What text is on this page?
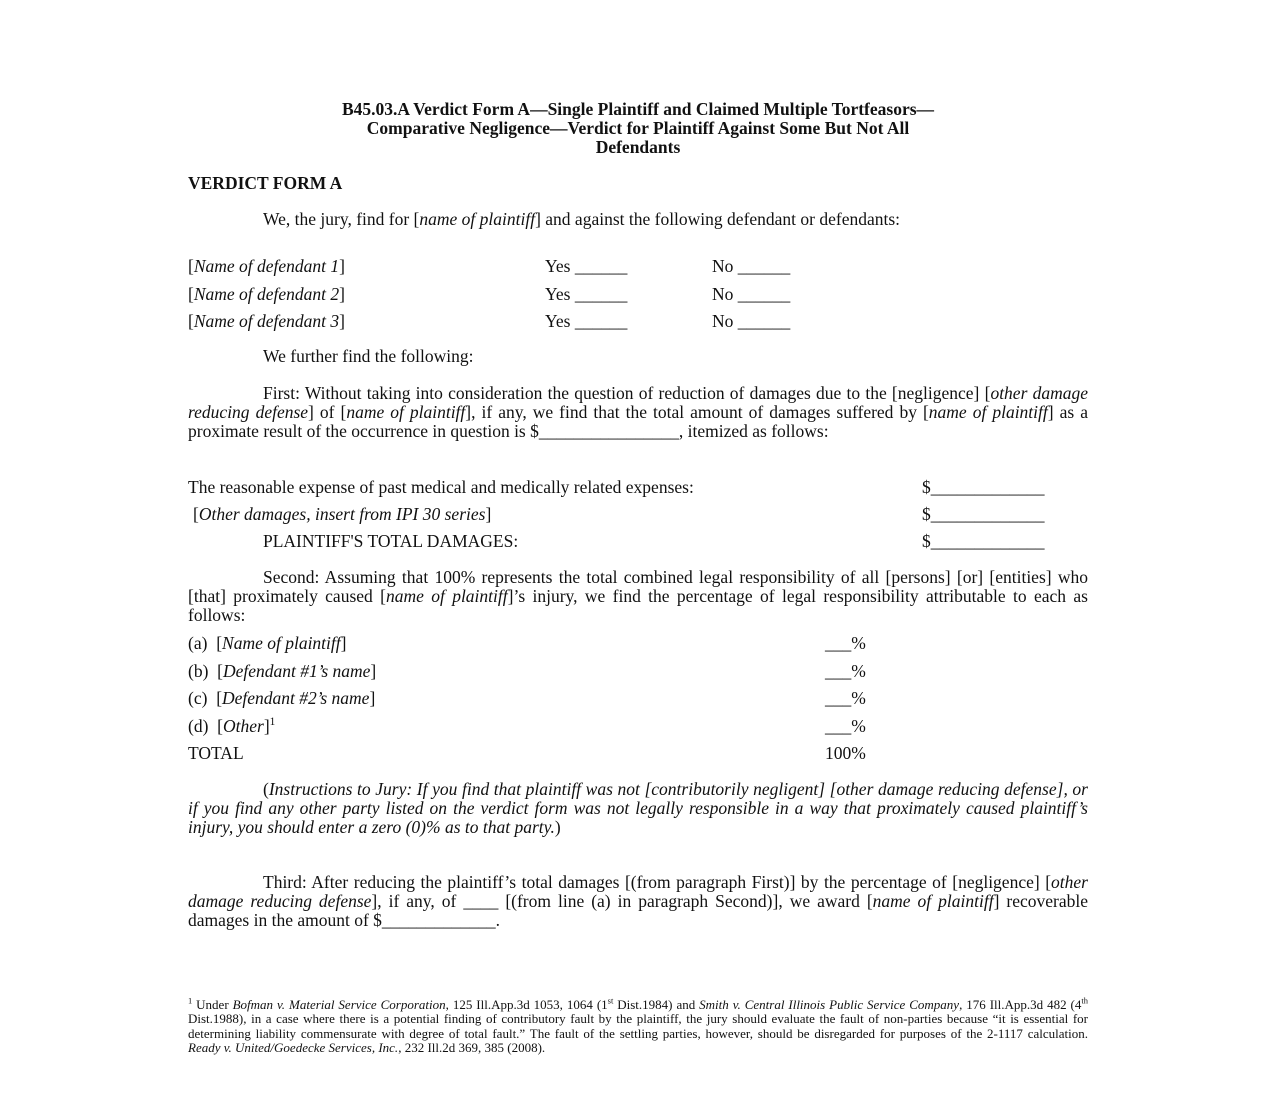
B45.03.A Verdict Form A—Single Plaintiff and Claimed Multiple Tortfeasors—
Comparative Negligence—Verdict for Plaintiff Against Some But Not All
Defendants
VERDICT FORM A
We, the jury, find for [name of plaintiff] and against the following defendant or defendants:
[Name of defendant 1]	Yes ______	No ______
[Name of defendant 2]	Yes ______	No ______
[Name of defendant 3]	Yes ______	No ______
We further find the following:
First: Without taking into consideration the question of reduction of damages due to the [negligence] [other damage reducing defense] of [name of plaintiff], if any, we find that the total amount of damages suffered by [name of plaintiff] as a proximate result of the occurrence in question is $________________, itemized as follows:
The reasonable expense of past medical and medically related expenses:	$_____________
[Other damages, insert from IPI 30 series]	$_____________
PLAINTIFF'S TOTAL DAMAGES:	$_____________
Second: Assuming that 100% represents the total combined legal responsibility of all [persons] [or] [entities] who [that] proximately caused [name of plaintiff]’s injury, we find the percentage of legal responsibility attributable to each as follows:
(a)  [Name of plaintiff]	___%
(b)  [Defendant #1’s name]	___%
(c)  [Defendant #2’s name]	___%
(d)  [Other]$^1$	___%
TOTAL	100%
(Instructions to Jury: If you find that plaintiff was not [contributorily negligent] [other damage reducing defense], or if you find any other party listed on the verdict form was not legally responsible in a way that proximately caused plaintiff’s injury, you should enter a zero (0)% as to that party.)
Third: After reducing the plaintiff’s total damages [(from paragraph First)] by the percentage of [negligence] [other damage reducing defense], if any, of ____ [(from line (a) in paragraph Second)], we award [name of plaintiff] recoverable damages in the amount of $_____________.
$^1$ Under Bofman v. Material Service Corporation, 125 Ill.App.3d 1053, 1064 (1st Dist.1984) and Smith v. Central Illinois Public Service Company, 176 Ill.App.3d 482 (4th Dist.1988), in a case where there is a potential finding of contributory fault by the plaintiff, the jury should evaluate the fault of non-parties because “it is essential for determining liability commensurate with degree of total fault.” The fault of the settling parties, however, should be disregarded for purposes of the 2-1117 calculation. Ready v. United/Goedecke Services, Inc., 232 Ill.2d 369, 385 (2008).
